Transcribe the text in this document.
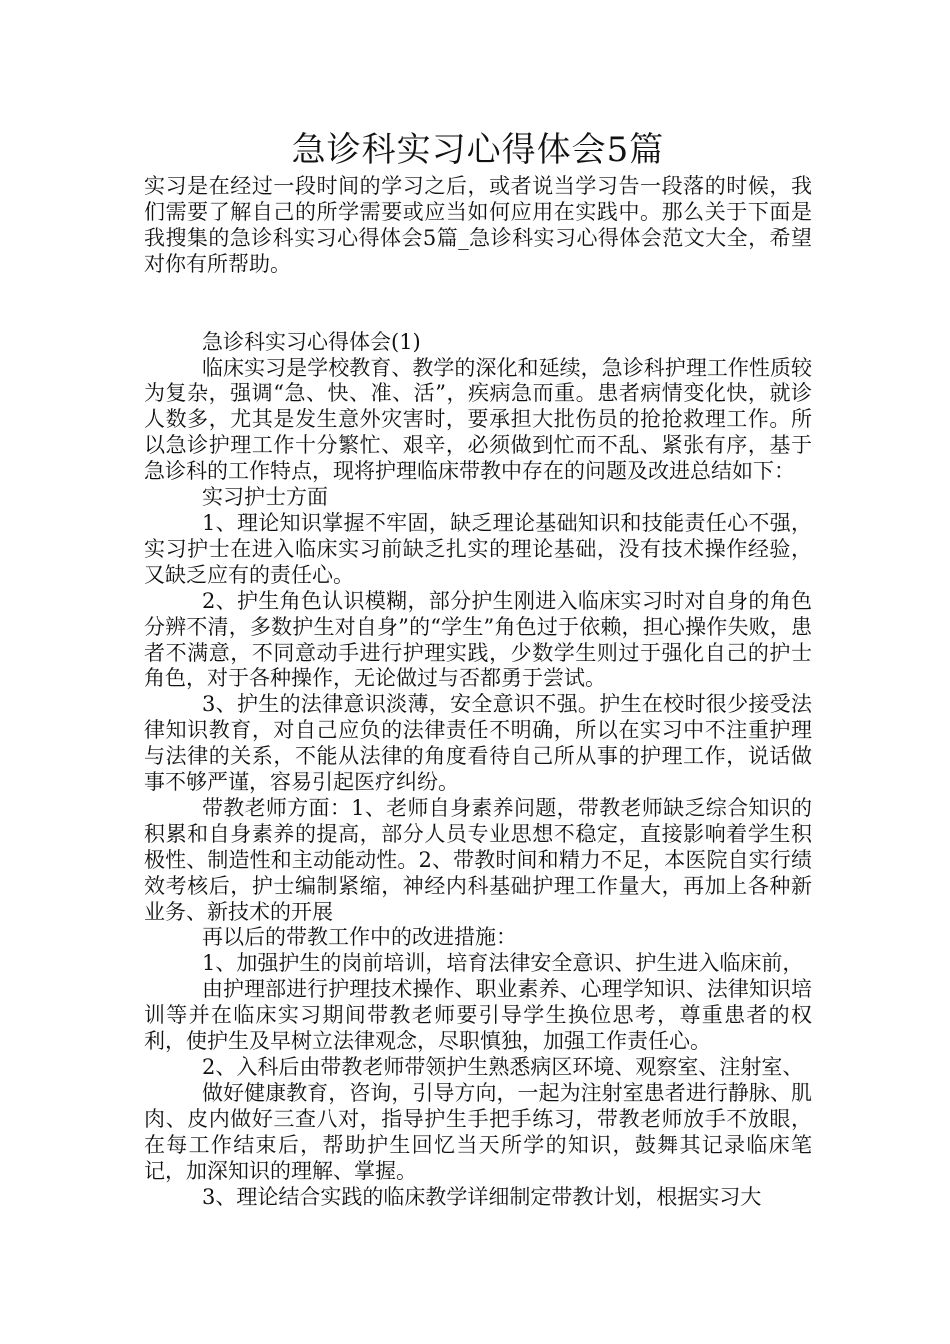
急诊科实习心得体会5篇

实习是在经过一段时间的学习之后，或者说当学习告一段落的时候，我们需要了解自己的所学需要或应当如何应用在实践中。那么关于下面是我搜集的急诊科实习心得体会5篇_急诊科实习心得体会范文大全，希望对你有所帮助。

急诊科实习心得体会(1)

临床实习是学校教育、教学的深化和延续，急诊科护理工作性质较为复杂，强调“急、快、准、活”，疾病急而重。患者病情变化快，就诊人数多，尤其是发生意外灾害时，要承担大批伤员的抢抢救理工作。所以急诊护理工作十分繁忙、艰辛，必须做到忙而不乱、紧张有序，基于急诊科的工作特点，现将护理临床带教中存在的问题及改进总结如下：

实习护士方面

1、理论知识掌握不牢固，缺乏理论基础知识和技能责任心不强，实习护士在进入临床实习前缺乏扎实的理论基础，没有技术操作经验，又缺乏应有的责任心。

2、护生角色认识模糊，部分护生刚进入临床实习时对自身的角色分辨不清，多数护生对自身”的“学生”角色过于依赖，担心操作失败，患者不满意，不同意动手进行护理实践，少数学生则过于强化自己的护士角色，对于各种操作，无论做过与否都勇于尝试。

3、护生的法律意识淡薄，安全意识不强。护生在校时很少接受法律知识教育，对自己应负的法律责任不明确，所以在实习中不注重护理与法律的关系，不能从法律的角度看待自己所从事的护理工作，说话做事不够严谨，容易引起医疗纠纷。

带教老师方面：1、老师自身素养问题，带教老师缺乏综合知识的积累和自身素养的提高，部分人员专业思想不稳定，直接影响着学生积极性、制造性和主动能动性。2、带教时间和精力不足，本医院自实行绩效考核后，护士编制紧缩，神经内科基础护理工作量大，再加上各种新业务、新技术的开展

再以后的带教工作中的改进措施：

1、加强护生的岗前培训，培育法律安全意识、护生进入临床前，

由护理部进行护理技术操作、职业素养、心理学知识、法律知识培训等并在临床实习期间带教老师要引导学生换位思考，尊重患者的权利，使护生及早树立法律观念，尽职慎独，加强工作责任心。

2、入科后由带教老师带领护生熟悉病区环境、观察室、注射室、

做好健康教育，咨询，引导方向，一起为注射室患者进行静脉、肌肉、皮内做好三查八对，指导护生手把手练习，带教老师放手不放眼，在每工作结束后，帮助护生回忆当天所学的知识，鼓舞其记录临床笔记，加深知识的理解、掌握。

3、理论结合实践的临床教学详细制定带教计划，根据实习大
